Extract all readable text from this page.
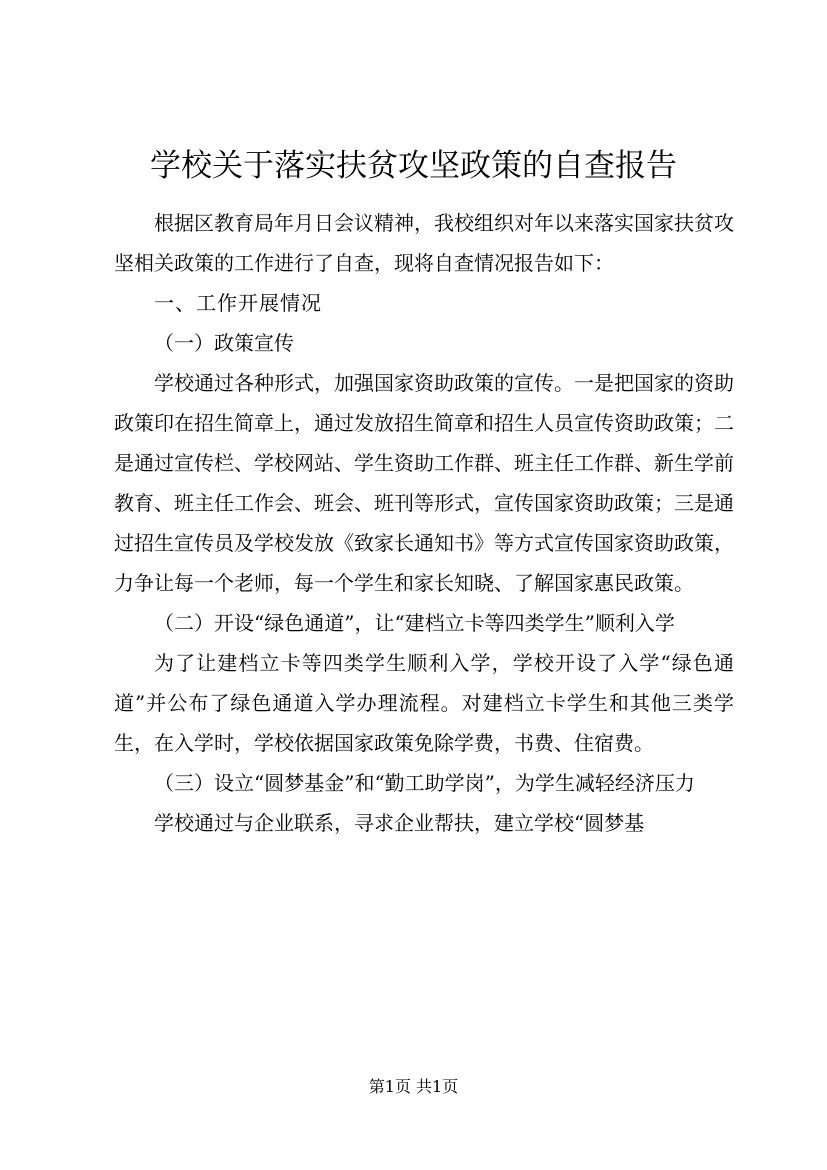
学校关于落实扶贫攻坚政策的自查报告

根据区教育局年月日会议精神，我校组织对年以来落实国家扶贫攻坚相关政策的工作进行了自查，现将自查情况报告如下：

一、工作开展情况

（一）政策宣传

学校通过各种形式，加强国家资助政策的宣传。一是把国家的资助政策印在招生简章上，通过发放招生简章和招生人员宣传资助政策；二是通过宣传栏、学校网站、学生资助工作群、班主任工作群、新生学前教育、班主任工作会、班会、班刊等形式，宣传国家资助政策；三是通过招生宣传员及学校发放《致家长通知书》等方式宣传国家资助政策，力争让每一个老师，每一个学生和家长知晓、了解国家惠民政策。

（二）开设“绿色通道”，让“建档立卡等四类学生”顺利入学

为了让建档立卡等四类学生顺利入学，学校开设了入学“绿色通道”并公布了绿色通道入学办理流程。对建档立卡学生和其他三类学生，在入学时，学校依据国家政策免除学费，书费、住宿费。

（三）设立“圆梦基金”和“勤工助学岗”，为学生减轻经济压力

学校通过与企业联系，寻求企业帮扶，建立学校“圆梦基

第1页 共1页
